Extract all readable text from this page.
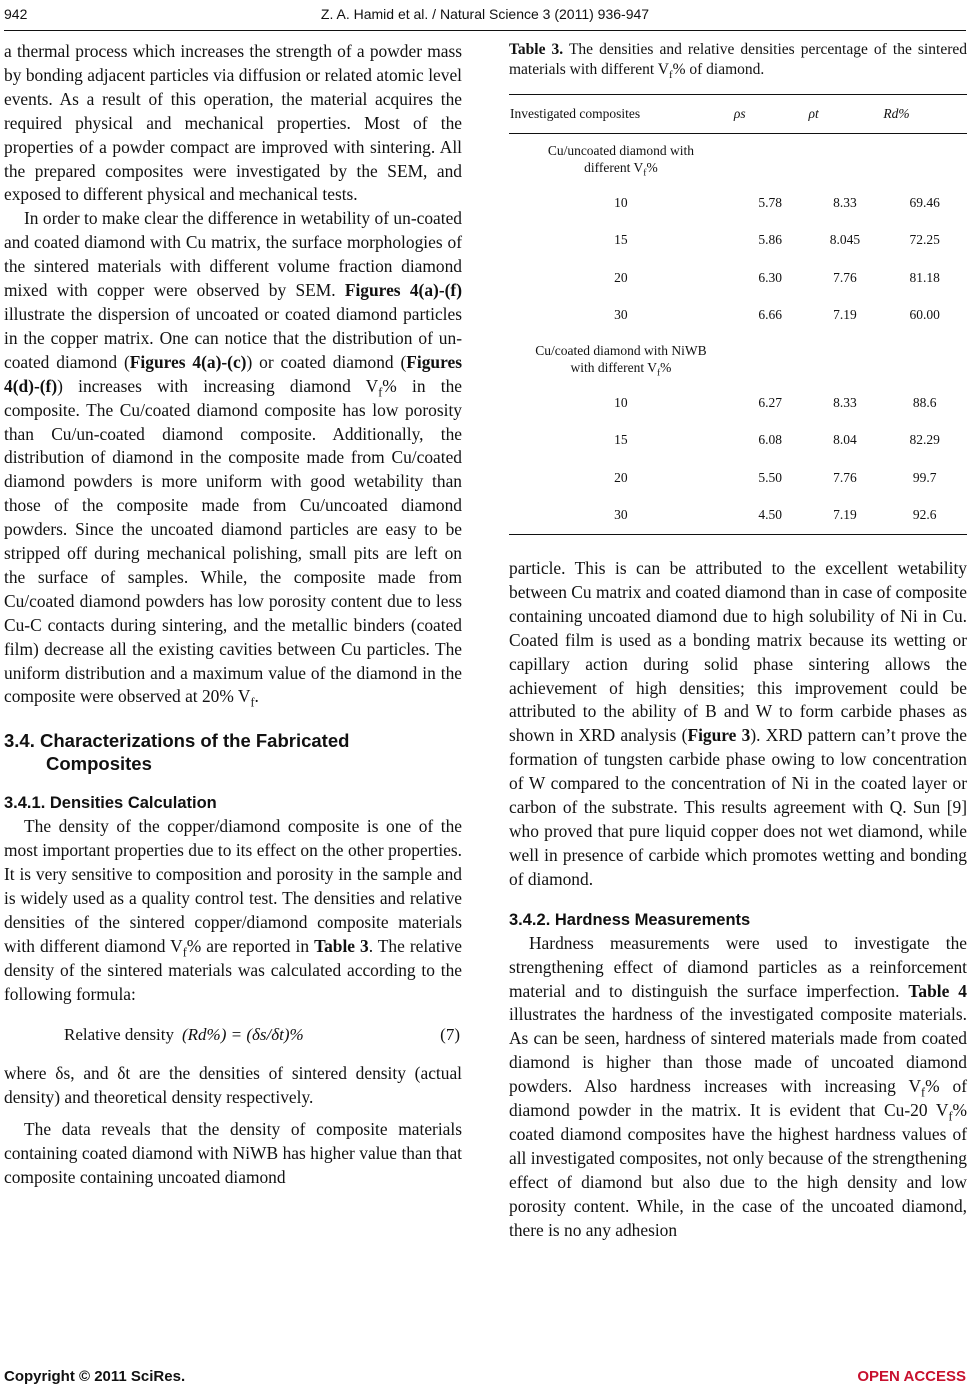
942	Z. A. Hamid et al. / Natural Science 3 (2011) 936-947

a thermal process which increases the strength of a powder mass by bonding adjacent particles via diffusion or related atomic level events. As a result of this operation, the material acquires the required physical and mechanical properties. Most of the properties of a powder compact are improved with sintering. All the prepared composites were investigated by the SEM, and exposed to different physical and mechanical tests.

In order to make clear the difference in wetability of un-coated and coated diamond with Cu matrix, the surface morphologies of the sintered materials with different volume fraction diamond mixed with copper were observed by SEM. Figures 4(a)-(f) illustrate the dispersion of uncoated or coated diamond particles in the copper matrix. One can notice that the distribution of un-coated diamond (Figures 4(a)-(c)) or coated diamond (Figures 4(d)-(f)) increases with increasing diamond $V_f\%$ in the composite. The Cu/coated diamond composite has low porosity than Cu/un-coated diamond composite. Additionally, the distribution of diamond in the composite made from Cu/coated diamond powders is more uniform with good wetability than those of the composite made from Cu/uncoated diamond powders. Since the uncoated diamond particles are easy to be stripped off during mechanical polishing, small pits are left on the surface of samples. While, the composite made from Cu/coated diamond powders has low porosity content due to less Cu-C contacts during sintering, and the metallic binders (coated film) decrease all the existing cavities between Cu particles. The uniform distribution and a maximum value of the diamond in the composite were observed at 20% $V_f$.

3.4. Characterizations of the Fabricated
Composites
3.4.1. Densities Calculation

The density of the copper/diamond composite is one of the most important properties due to its effect on the other properties. It is very sensitive to composition and porosity in the sample and is widely used as a quality control test. The densities and relative densities of the sintered copper/diamond composite materials with different diamond $V_f\%$ are reported in Table 3. The relative density of the sintered materials was calculated according to the following formula:

Relative density (Rd%) = (δs/δt)%	(7)

where δs, and δt are the densities of sintered density (actual density) and theoretical density respectively.

The data reveals that the density of composite materials containing coated diamond with NiWB has higher value than that composite containing uncoated diamond

Table 3. The densities and relative densities percentage of the sintered materials with different $V_f\%$ of diamond.
Investigated composites	ρs	ρt	Rd%
Cu/uncoated diamond with
different $V_f\%$			
10	5.78	8.33	69.46
15	5.86	8.045	72.25
20	6.30	7.76	81.18
30	6.66	7.19	60.00
Cu/coated diamond with NiWB
with different $V_f\%$			
10	6.27	8.33	88.6
15	6.08	8.04	82.29
20	5.50	7.76	99.7
30	4.50	7.19	92.6

particle. This is can be attributed to the excellent wetability between Cu matrix and coated diamond than in case of composite containing uncoated diamond due to high solubility of Ni in Cu. Coated film is used as a bonding matrix because its wetting or capillary action during solid phase sintering allows the achievement of high densities; this improvement could be attributed to the ability of B and W to form carbide phases as shown in XRD analysis (Figure 3). XRD pattern can’t prove the formation of tungsten carbide phase owing to low concentration of W compared to the concentration of Ni in the coated layer or carbon of the substrate. This results agreement with Q. Sun [9] who proved that pure liquid copper does not wet diamond, while well in presence of carbide which promotes wetting and bonding of diamond.

3.4.2. Hardness Measurements

Hardness measurements were used to investigate the strengthening effect of diamond particles as a reinforcement material and to distinguish the surface imperfection. Table 4 illustrates the hardness of the investigated composite materials. As can be seen, hardness of sintered materials made from coated diamond is higher than those made of uncoated diamond powders. Also hardness increases with increasing $V_f\%$ of diamond powder in the matrix. It is evident that Cu-20 $V_f\%$ coated diamond composites have the highest hardness values of all investigated composites, not only because of the strengthening effect of diamond but also due to the high density and low porosity content. While, in the case of the uncoated diamond, there is no any adhesion

Copyright © 2011 SciRes.	OPEN ACCESS
